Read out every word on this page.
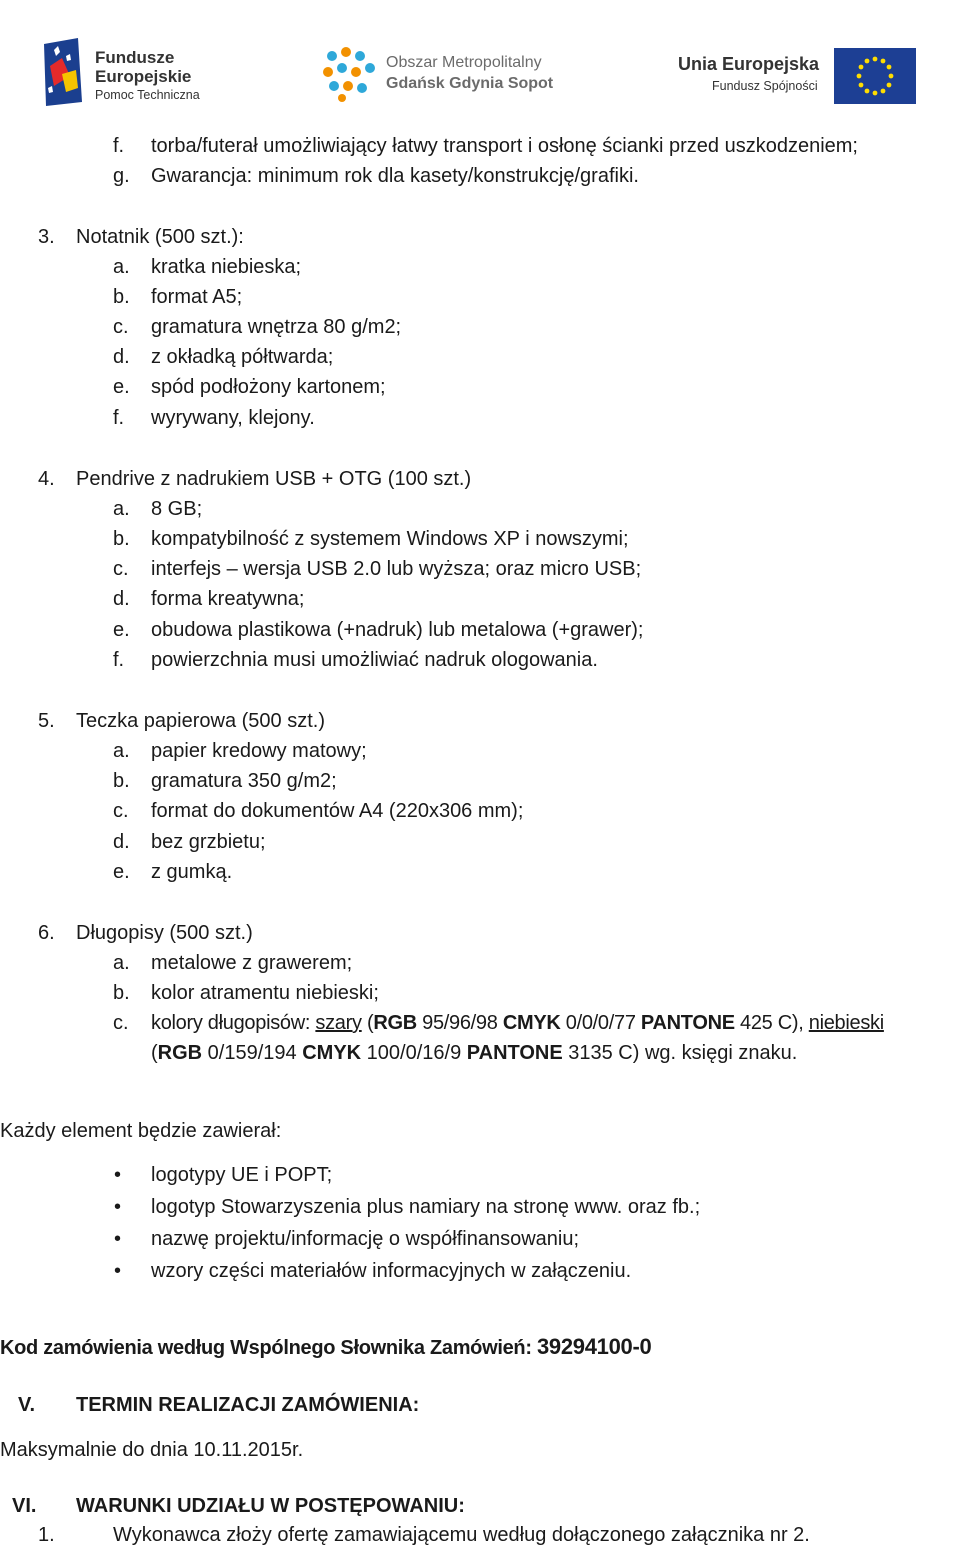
Fundusze
Europejskie
Pomoc Techniczna
Obszar Metropolitalny
Gdańsk Gdynia Sopot
Unia Europejska
Fundusz Spójności
f. torba/futerał umożliwiający łatwy transport i osłonę ścianki przed uszkodzeniem;
g. Gwarancja: minimum rok dla kasety/konstrukcję/grafiki.
3. Notatnik (500 szt.):
a. kratka niebieska;
b. format A5;
c. gramatura wnętrza 80 g/m2;
d. z okładką półtwarda;
e. spód podłożony kartonem;
f. wyrywany, klejony.
4. Pendrive z nadrukiem USB + OTG (100 szt.)
a. 8 GB;
b. kompatybilność z systemem Windows XP i nowszymi;
c. interfejs – wersja USB 2.0 lub wyższa; oraz micro USB;
d. forma kreatywna;
e. obudowa plastikowa (+nadruk) lub metalowa (+grawer);
f. powierzchnia musi umożliwiać nadruk ologowania.
5. Teczka papierowa (500 szt.)
a. papier kredowy matowy;
b. gramatura 350 g/m2;
c. format do dokumentów A4 (220x306 mm);
d. bez grzbietu;
e. z gumką.
6. Długopisy (500 szt.)
a. metalowe z grawerem;
b. kolor atramentu niebieski;
c. kolory długopisów: szary (RGB 95/96/98 CMYK 0/0/0/77 PANTONE 425 C), niebieski
(RGB 0/159/194 CMYK 100/0/16/9 PANTONE 3135 C) wg. księgi znaku.
Każdy element będzie zawierał:
• logotypy UE i POPT;
• logotyp Stowarzyszenia plus namiary na stronę www. oraz fb.;
• nazwę projektu/informację o współfinansowaniu;
• wzory części materiałów informacyjnych w załączeniu.
Kod zamówienia według Wspólnego Słownika Zamówień: 39294100-0
V. TERMIN REALIZACJI ZAMÓWIENIA:
Maksymalnie do dnia 10.11.2015r.
VI. WARUNKI UDZIAŁU W POSTĘPOWANIU:
1.	Wykonawca złoży ofertę zamawiającemu według dołączonego załącznika nr 2.
